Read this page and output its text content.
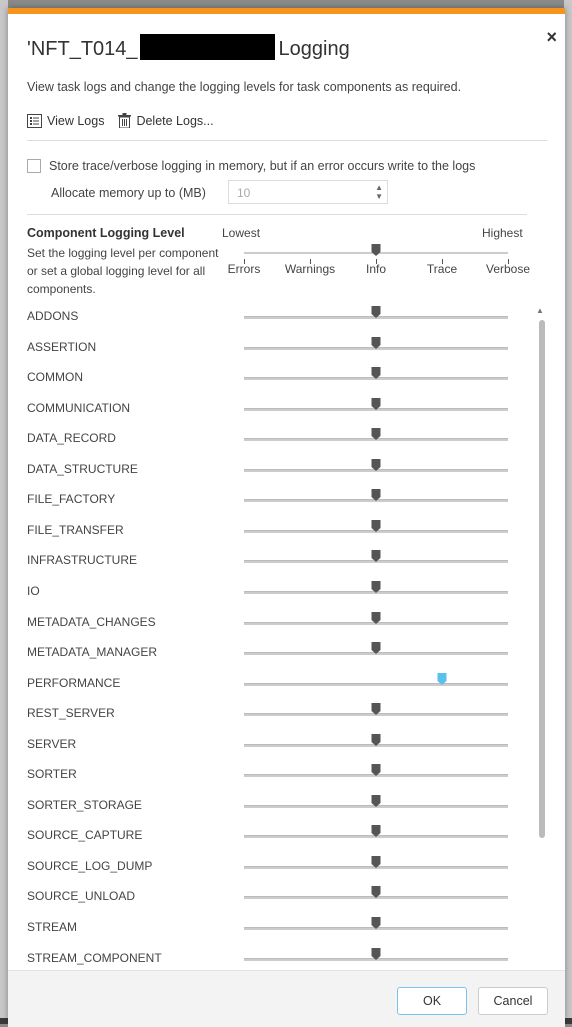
'NFT_T014_	Logging
×
View task logs and change the logging levels for task components as required.
View Logs	Delete Logs...
Store trace/verbose logging in memory, but if an error occurs write to the logs
Allocate memory up to (MB)	10	▲
▼
Component Logging Level
Set the logging level per component or set a global logging level for all components.
Lowest	Highest
ADDONS
ASSERTION
COMMON
COMMUNICATION
DATA_RECORD
DATA_STRUCTURE
FILE_FACTORY
FILE_TRANSFER
INFRASTRUCTURE
IO
METADATA_CHANGES
METADATA_MANAGER
PERFORMANCE
REST_SERVER
SERVER
SORTER
SORTER_STORAGE
SOURCE_CAPTURE
SOURCE_LOG_DUMP
SOURCE_UNLOAD
STREAM
STREAM_COMPONENT
▲
OK	Cancel
Errors Warnings	Info	Trace Verbose
